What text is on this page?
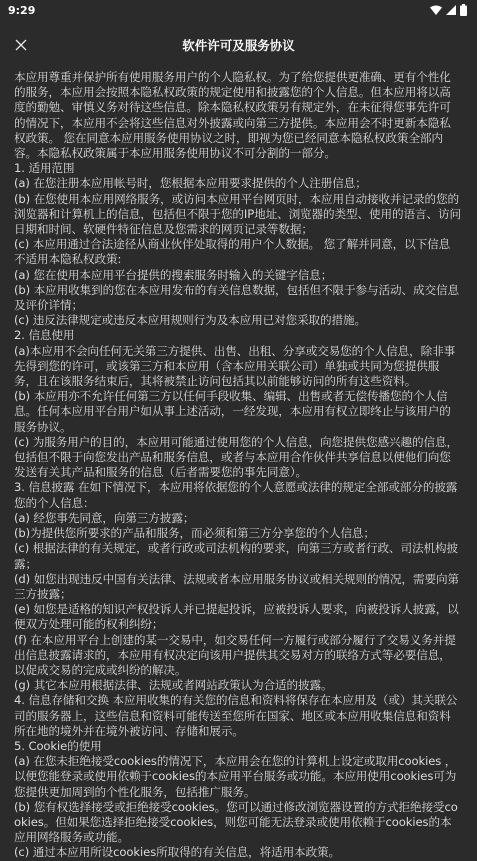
9:29
软件许可及服务协议

本应用尊重并保护所有使用服务用户的个人隐私权。为了给您提供更准确、更有个性化的服务，本应用会按照本隐私权政策的规定使用和披露您的个人信息。但本应用将以高度的勤勉、审慎义务对待这些信息。除本隐私权政策另有规定外，在未征得您事先许可的情况下，本应用不会将这些信息对外披露或向第三方提供。本应用会不时更新本隐私权政策。 您在同意本应用服务使用协议之时，即视为您已经同意本隐私权政策全部内容。本隐私权政策属于本应用服务使用协议不可分割的一部分。

1. 适用范围

(a) 在您注册本应用帐号时，您根据本应用要求提供的个人注册信息；

(b) 在您使用本应用网络服务，或访问本应用平台网页时，本应用自动接收并记录的您的浏览器和计算机上的信息，包括但不限于您的IP地址、浏览器的类型、使用的语言、访问日期和时间、软硬件特征信息及您需求的网页记录等数据；

(c) 本应用通过合法途径从商业伙伴处取得的用户个人数据。 您了解并同意，以下信息不适用本隐私权政策:

(a) 您在使用本应用平台提供的搜索服务时输入的关键字信息；

(b) 本应用收集到的您在本应用发布的有关信息数据，包括但不限于参与活动、成交信息及评价详情；

(c) 违反法律规定或违反本应用规则行为及本应用已对您采取的措施。

2. 信息使用

(a)本应用不会向任何无关第三方提供、出售、出租、分享或交易您的个人信息，除非事先得到您的许可，或该第三方和本应用（含本应用关联公司）单独或共同为您提供服务，且在该服务结束后，其将被禁止访问包括其以前能够访问的所有这些资料。

(b) 本应用亦不允许任何第三方以任何手段收集、编辑、出售或者无偿传播您的个人信息。任何本应用平台用户如从事上述活动，一经发现，本应用有权立即终止与该用户的服务协议。

(c) 为服务用户的目的，本应用可能通过使用您的个人信息，向您提供您感兴趣的信息，包括但不限于向您发出产品和服务信息，或者与本应用合作伙伴共享信息以便他们向您发送有关其产品和服务的信息（后者需要您的事先同意）。

3. 信息披露 在如下情况下，本应用将依据您的个人意愿或法律的规定全部或部分的披露您的个人信息：

(a) 经您事先同意，向第三方披露；

(b)为提供您所要求的产品和服务，而必须和第三方分享您的个人信息；

(c) 根据法律的有关规定，或者行政或司法机构的要求，向第三方或者行政、司法机构披露；

(d) 如您出现违反中国有关法律、法规或者本应用服务协议或相关规则的情况，需要向第三方披露；

(e) 如您是适格的知识产权投诉人并已提起投诉，应被投诉人要求，向被投诉人披露，以便双方处理可能的权利纠纷；

(f) 在本应用平台上创建的某一交易中，如交易任何一方履行或部分履行了交易义务并提出信息披露请求的，本应用有权决定向该用户提供其交易对方的联络方式等必要信息，以促成交易的完成或纠纷的解决。

(g) 其它本应用根据法律、法规或者网站政策认为合适的披露。

4. 信息存储和交换 本应用收集的有关您的信息和资料将保存在本应用及（或）其关联公司的服务器上，这些信息和资料可能传送至您所在国家、地区或本应用收集信息和资料所在地的境外并在境外被访问、存储和展示。

5. Cookie的使用

(a) 在您未拒绝接受cookies的情况下，本应用会在您的计算机上设定或取用cookies ，以便您能登录或使用依赖于cookies的本应用平台服务或功能。本应用使用cookies可为您提供更加周到的个性化服务，包括推广服务。

(b) 您有权选择接受或拒绝接受cookies。您可以通过修改浏览器设置的方式拒绝接受cookies。但如果您选择拒绝接受cookies，则您可能无法登录或使用依赖于cookies的本应用网络服务或功能。

(c) 通过本应用所设cookies所取得的有关信息，将适用本政策。
